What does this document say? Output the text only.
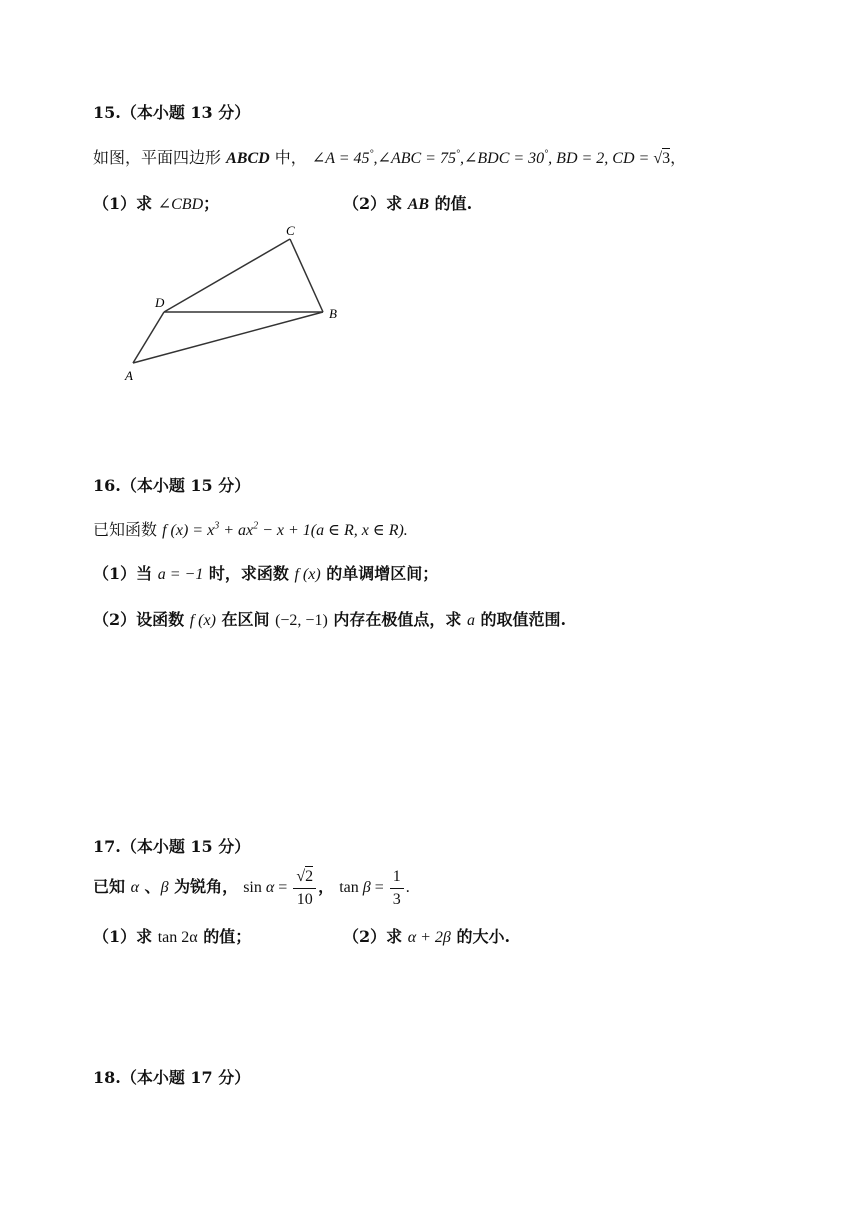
15.（本小题 13 分）
如图，平面四边形 ABCD 中， ∠A = 45°,∠ABC = 75°,∠BDC = 30°, BD = 2, CD = √3，
（1）求 ∠CBD；	（2）求 AB 的值.
A
B
C
D
16.（本小题 15 分）
已知函数 f $(x) = x^3 + ax^2 - x + 1(a$ ∈ R, x ∈ R).
（1）当 a = −1 时，求函数 f (x) 的单调增区间；
（2）设函数 f (x) 在区间 (−2, −1) 内存在极值点，求 a 的取值范围.
17.（本小题 15 分）
已知 α 、β 为锐角， $\sin \alpha = \frac{√2}{10}$ ， $\tan \beta = \frac{1}{3}$ .
（1）求 tan 2α 的值；	（2）求 α + 2β 的大小.
18.（本小题 17 分）
